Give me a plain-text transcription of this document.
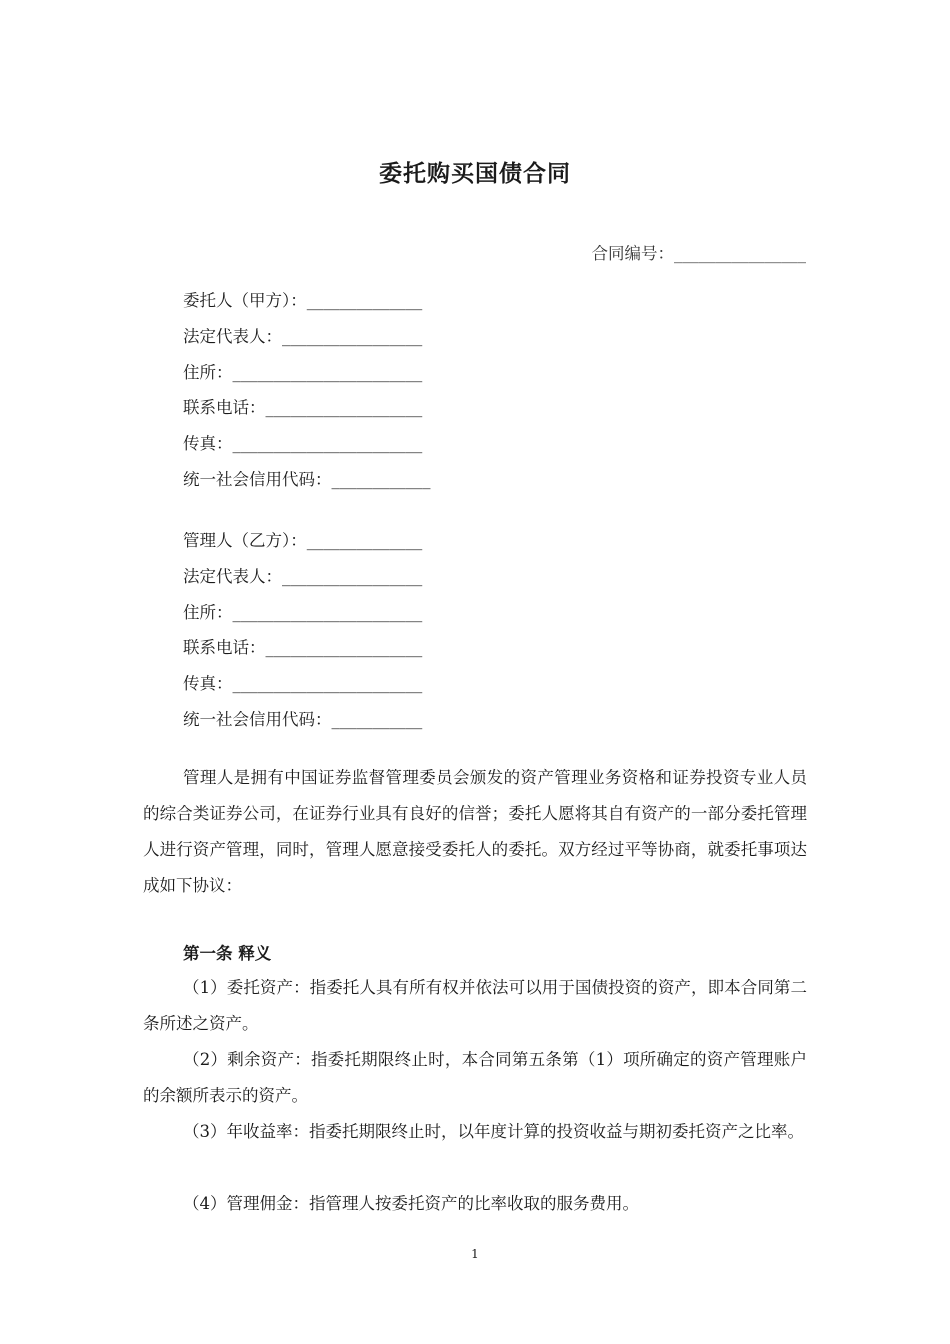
委托购买国债合同
合同编号：________________
委托人（甲方）：______________
法定代表人：_________________
住所：_______________________
联系电话：___________________
传真：_______________________
统一社会信用代码：____________
管理人（乙方）：______________
法定代表人：_________________
住所：_______________________
联系电话：___________________
传真：_______________________
统一社会信用代码：___________
管理人是拥有中国证券监督管理委员会颁发的资产管理业务资格和证券投资专业人员的综合类证券公司，在证券行业具有良好的信誉；委托人愿将其自有资产的一部分委托管理人进行资产管理，同时，管理人愿意接受委托人的委托。双方经过平等协商，就委托事项达成如下协议：
第一条 释义
（1）委托资产：指委托人具有所有权并依法可以用于国债投资的资产，即本合同第二条所述之资产。
（2）剩余资产：指委托期限终止时，本合同第五条第（1）项所确定的资产管理账户的余额所表示的资产。
（3）年收益率：指委托期限终止时，以年度计算的投资收益与期初委托资产之比率。
（4）管理佣金：指管理人按委托资产的比率收取的服务费用。
1
